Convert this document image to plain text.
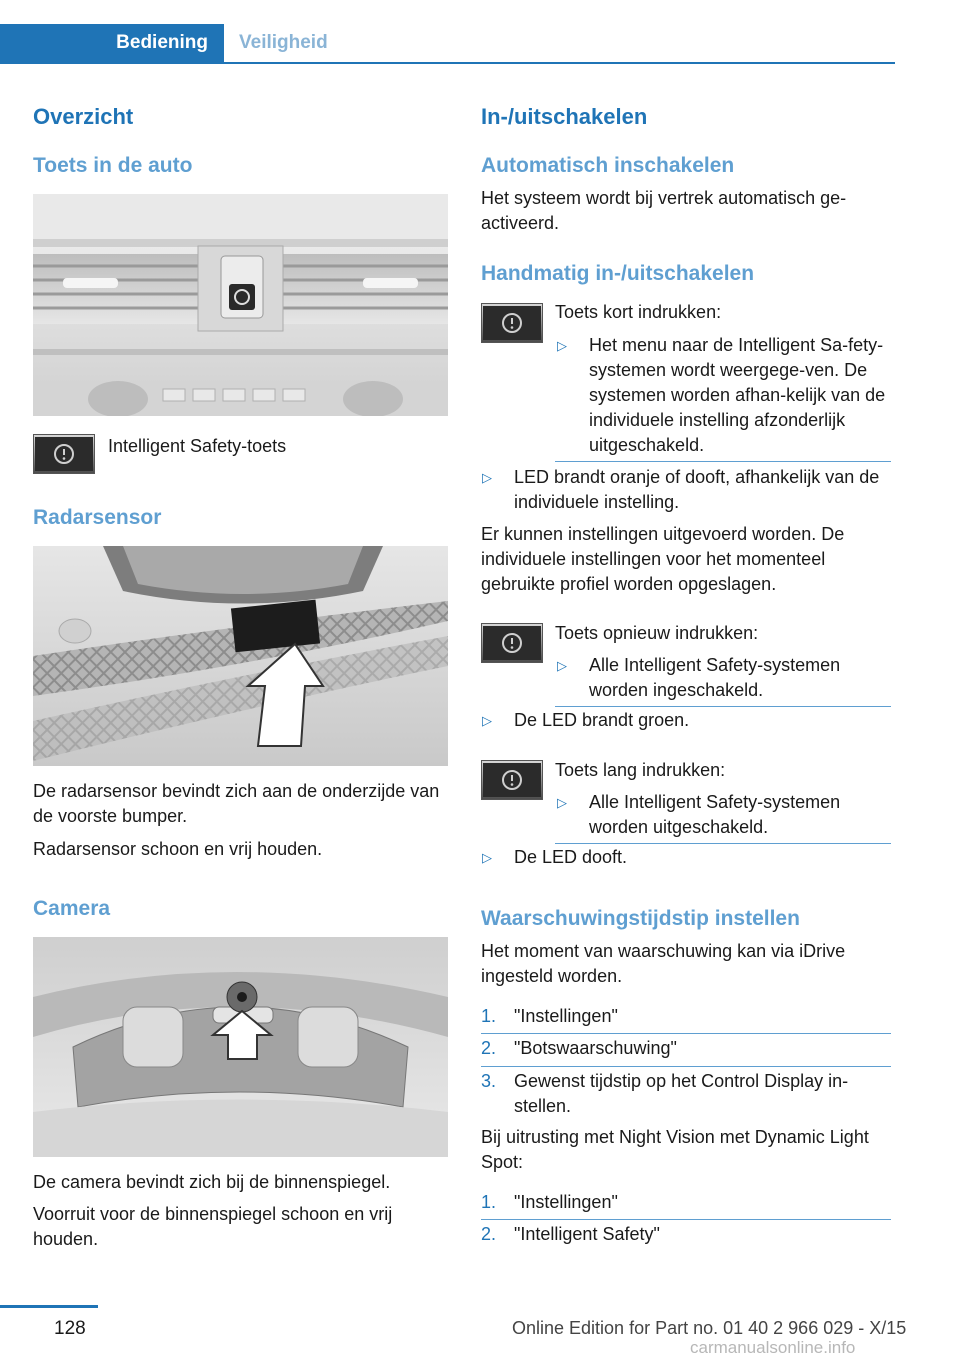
Bediening	Veiligheid
Overzicht
Toets in de auto
Intelligent Safety-toets
Radarsensor
De radarsensor bevindt zich aan de onderzijde van de voorste bumper.
Radarsensor schoon en vrij houden.
Camera
De camera bevindt zich bij de binnenspiegel.
Voorruit voor de binnenspiegel schoon en vrij houden.
In-/uitschakelen
Automatisch inschakelen
Het systeem wordt bij vertrek automatisch ge‐activeerd.
Handmatig in-/uitschakelen
Toets kort indrukken:
▷ Het menu naar de Intelligent Sa‐fety-systemen wordt weergege‐ven. De systemen worden afhan‐kelijk van de individuele instelling afzonderlijk uitgeschakeld.
▷ LED brandt oranje of dooft, afhankelijk van de individuele instelling.
Er kunnen instellingen uitgevoerd worden. De individuele instellingen voor het momenteel gebruikte profiel worden opgeslagen.
Toets opnieuw indrukken:
▷ Alle Intelligent Safety-systemen worden ingeschakeld.
▷ De LED brandt groen.
Toets lang indrukken:
▷ Alle Intelligent Safety-systemen worden uitgeschakeld.
▷ De LED dooft.
Waarschuwingstijdstip instellen
Het moment van waarschuwing kan via iDrive ingesteld worden.
1. "Instellingen"
2. "Botswaarschuwing"
3. Gewenst tijdstip op het Control Display in‐stellen.
Bij uitrusting met Night Vision met Dynamic Light Spot:
1. "Instellingen"
2. "Intelligent Safety"
128	Online Edition for Part no. 01 40 2 966 029 - X/15
carmanualsonline.info
